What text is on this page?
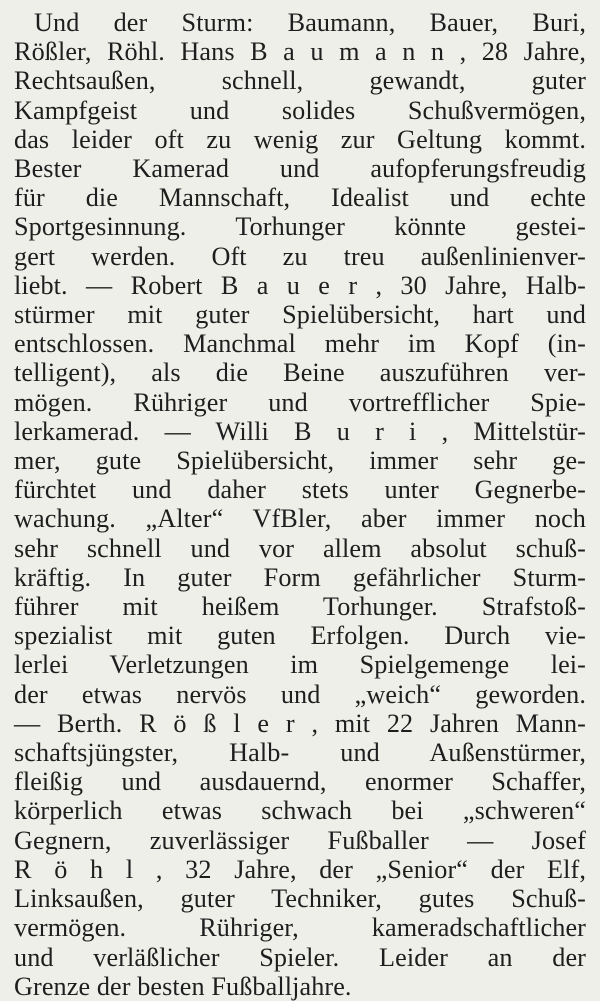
Und der Sturm: Baumann, Bauer, Buri,
Rößler, Röhl. Hans B a u m a n n , 28 Jahre,
Rechtsaußen, schnell, gewandt, guter
Kampfgeist und solides Schußvermögen,
das leider oft zu wenig zur Geltung kommt.
Bester Kamerad und aufopferungsfreudig
für die Mannschaft, Idealist und echte
Sportgesinnung. Torhunger könnte gestei-
gert werden. Oft zu treu außenlinienver-
liebt. — Robert B a u e r , 30 Jahre, Halb-
stürmer mit guter Spielübersicht, hart und
entschlossen. Manchmal mehr im Kopf (in-
telligent), als die Beine auszuführen ver-
mögen. Rühriger und vortrefflicher Spie-
lerkamerad. — Willi B u r i , Mittelstür-
mer, gute Spielübersicht, immer sehr ge-
fürchtet und daher stets unter Gegnerbe-
wachung. „Alter“ VfBler, aber immer noch
sehr schnell und vor allem absolut schuß-
kräftig. In guter Form gefährlicher Sturm-
führer mit heißem Torhunger. Strafstoß-
spezialist mit guten Erfolgen. Durch vie-
lerlei Verletzungen im Spielgemenge lei-
der etwas nervös und „weich“ geworden.
— Berth. R ö ß l e r , mit 22 Jahren Mann-
schaftsjüngster, Halb- und Außenstürmer,
fleißig und ausdauernd, enormer Schaffer,
körperlich etwas schwach bei „schweren“
Gegnern, zuverlässiger Fußballer — Josef
R ö h l , 32 Jahre, der „Senior“ der Elf,
Linksaußen, guter Techniker, gutes Schuß-
vermögen. Rühriger, kameradschaftlicher
und verläßlicher Spieler. Leider an der
Grenze der besten Fußballjahre.
